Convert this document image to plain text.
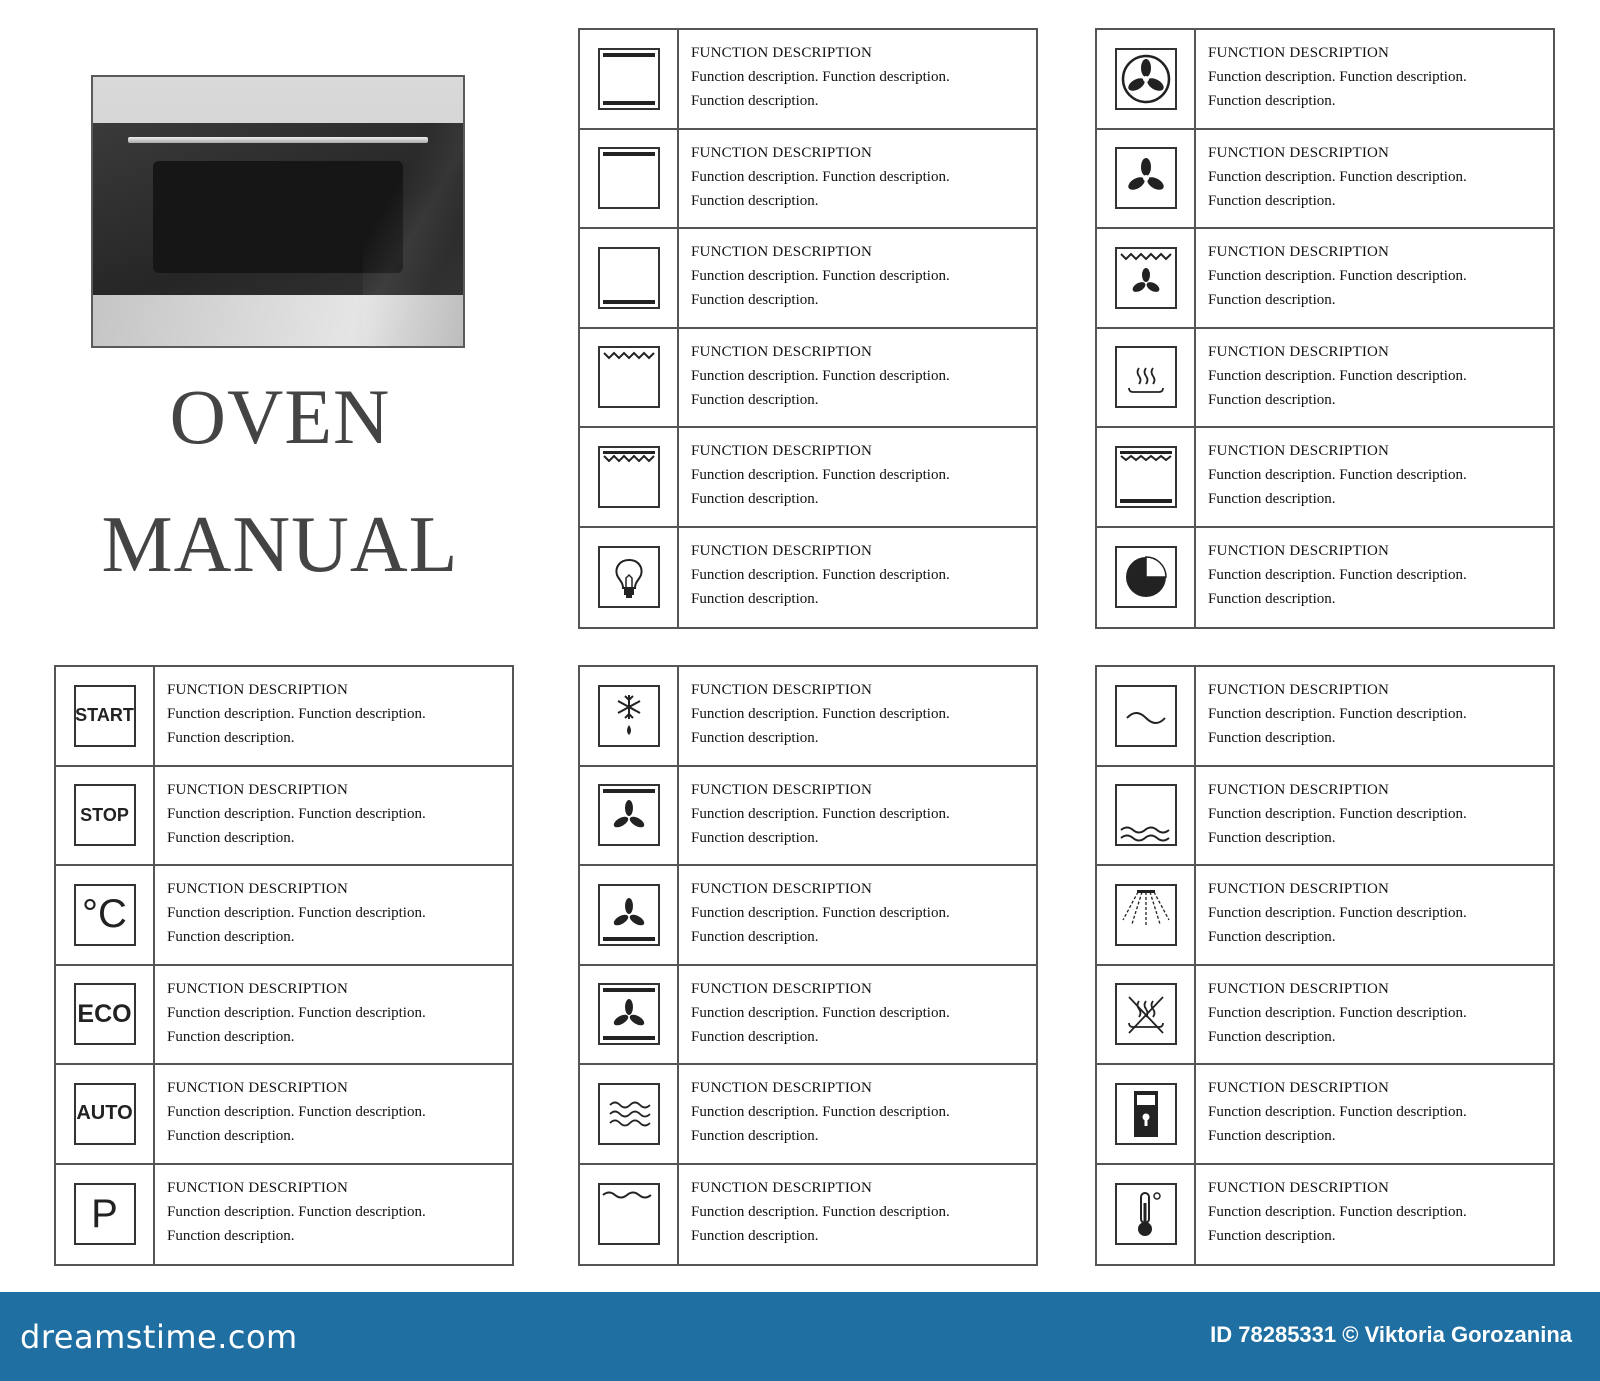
OVEN
MANUAL
FUNCTION DESCRIPTION
Function description. Function description.
Function description.
FUNCTION DESCRIPTION
Function description. Function description.
Function description.
FUNCTION DESCRIPTION
Function description. Function description.
Function description.
FUNCTION DESCRIPTION
Function description. Function description.
Function description.
FUNCTION DESCRIPTION
Function description. Function description.
Function description.
FUNCTION DESCRIPTION
Function description. Function description.
Function description.
FUNCTION DESCRIPTION
Function description. Function description.
Function description.
FUNCTION DESCRIPTION
Function description. Function description.
Function description.
FUNCTION DESCRIPTION
Function description. Function description.
Function description.
FUNCTION DESCRIPTION
Function description. Function description.
Function description.
FUNCTION DESCRIPTION
Function description. Function description.
Function description.
FUNCTION DESCRIPTION
Function description. Function description.
Function description.
START
FUNCTION DESCRIPTION
Function description. Function description.
Function description.
STOP
FUNCTION DESCRIPTION
Function description. Function description.
Function description.
°C
FUNCTION DESCRIPTION
Function description. Function description.
Function description.
ECO
FUNCTION DESCRIPTION
Function description. Function description.
Function description.
AUTO
FUNCTION DESCRIPTION
Function description. Function description.
Function description.
P
FUNCTION DESCRIPTION
Function description. Function description.
Function description.
FUNCTION DESCRIPTION
Function description. Function description.
Function description.
FUNCTION DESCRIPTION
Function description. Function description.
Function description.
FUNCTION DESCRIPTION
Function description. Function description.
Function description.
FUNCTION DESCRIPTION
Function description. Function description.
Function description.
FUNCTION DESCRIPTION
Function description. Function description.
Function description.
FUNCTION DESCRIPTION
Function description. Function description.
Function description.
FUNCTION DESCRIPTION
Function description. Function description.
Function description.
FUNCTION DESCRIPTION
Function description. Function description.
Function description.
FUNCTION DESCRIPTION
Function description. Function description.
Function description.
FUNCTION DESCRIPTION
Function description. Function description.
Function description.
FUNCTION DESCRIPTION
Function description. Function description.
Function description.
FUNCTION DESCRIPTION
Function description. Function description.
Function description.
dreamstime.com	ID 78285331 © Viktoria Gorozanina
